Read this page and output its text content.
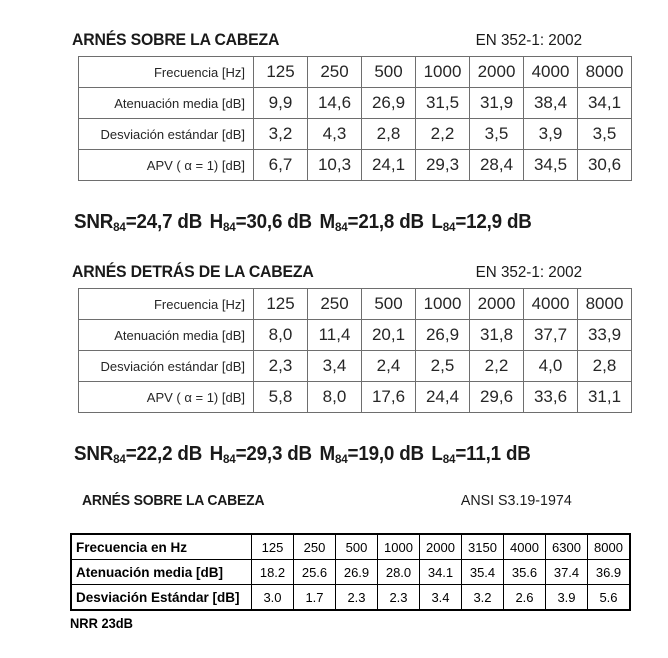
ARNÉS SOBRE LA CABEZA	EN 352-1: 2002
Frecuencia [Hz]	125	250	500	1000	2000	4000	8000
Atenuación media [dB]	9,9	14,6	26,9	31,5	31,9	38,4	34,1
Desviación estándar [dB]	3,2	4,3	2,8	2,2	3,5	3,9	3,5
APV ( α = 1) [dB]	6,7	10,3	24,1	29,3	28,4	34,5	30,6
$SNR_{84}=24,7$ dB $H_{84}=30,6$ dB $M_{84}=21,8$ dB $L_{84}=12,9$ dB
ARNÉS DETRÁS DE LA CABEZA	EN 352-1: 2002
Frecuencia [Hz]	125	250	500	1000	2000	4000	8000
Atenuación media [dB]	8,0	11,4	20,1	26,9	31,8	37,7	33,9
Desviación estándar [dB]	2,3	3,4	2,4	2,5	2,2	4,0	2,8
APV ( α = 1) [dB]	5,8	8,0	17,6	24,4	29,6	33,6	31,1
$SNR_{84}=22,2$ dB $H_{84}=29,3$ dB $M_{84}=19,0$ dB $L_{84}=11,1$ dB
ARNÉS SOBRE LA CABEZA	ANSI S3.19-1974
Frecuencia en Hz	125	250	500	1000	2000	3150	4000	6300	8000
Atenuación media [dB]	18.2	25.6	26.9	28.0	34.1	35.4	35.6	37.4	36.9
Desviación Estándar [dB]	3.0	1.7	2.3	2.3	3.4	3.2	2.6	3.9	5.6
NRR 23dB
